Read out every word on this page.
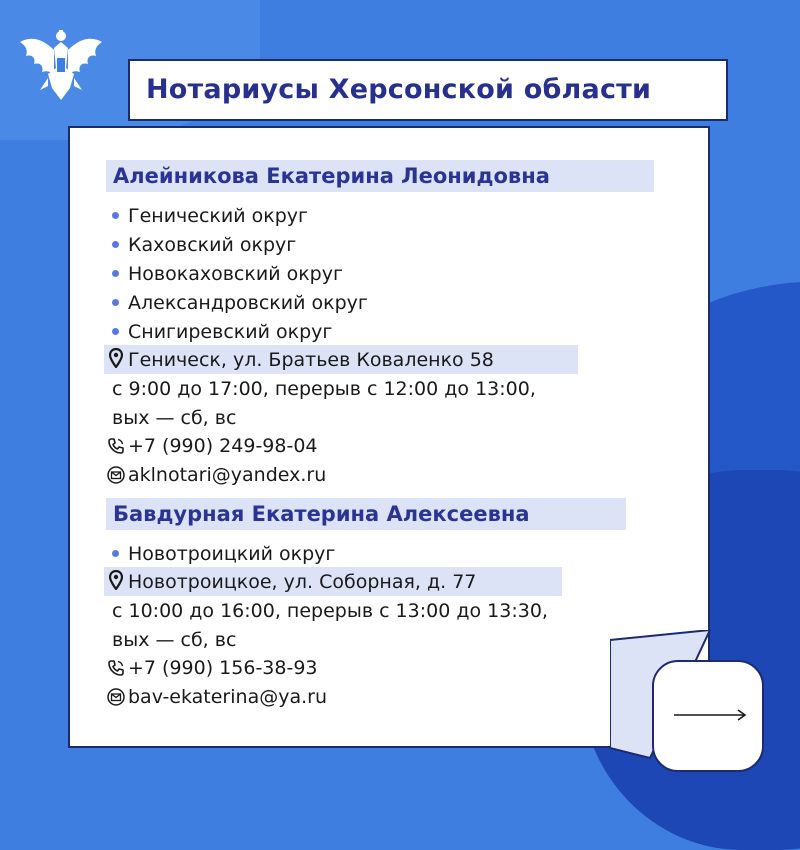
Нотариусы Херсонской области
Алейникова Екатерина Леонидовна
Генический округ
Каховский округ
Новокаховский округ
Александровский округ
Снигиревский округ
Геническ, ул. Братьев Коваленко 58
с 9:00 до 17:00, перерыв с 12:00 до 13:00,
вых — сб, вс
+7 (990) 249-98-04
aklnotari@yandex.ru
Бавдурная Екатерина Алексеевна
Новотроицкий округ
Новотроицкое, ул. Соборная, д. 77
с 10:00 до 16:00, перерыв с 13:00 до 13:30,
вых — сб, вс
+7 (990) 156-38-93
bav-ekaterina@ya.ru
